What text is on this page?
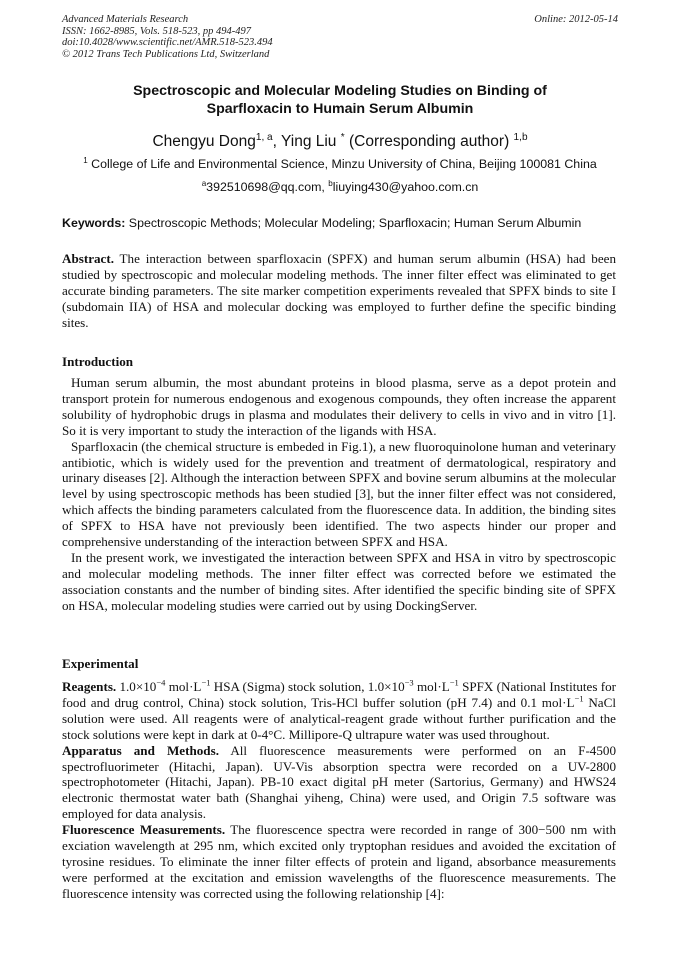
Advanced Materials Research
ISSN: 1662-8985, Vols. 518-523, pp 494-497
doi:10.4028/www.scientific.net/AMR.518-523.494
© 2012 Trans Tech Publications Ltd, Switzerland
Online: 2012-05-14
Spectroscopic and Molecular Modeling Studies on Binding of
Sparfloxacin to Humain Serum Albumin
Chengyu Dong$^{1, a}$, Ying Liu * (Corresponding author) $^{1,b}$
$^1$ College of Life and Environmental Science, Minzu University of China, Beijing 100081 China
$^a$392510698@qq.com, $^b$liuying430@yahoo.com.cn
Keywords: Spectroscopic Methods; Molecular Modeling; Sparfloxacin; Human Serum Albumin

Abstract. The interaction between sparfloxacin (SPFX) and human serum albumin (HSA) had been studied by spectroscopic and molecular modeling methods. The inner filter effect was eliminated to get accurate binding parameters. The site marker competition experiments revealed that SPFX binds to site I (subdomain IIA) of HSA and molecular docking was employed to further define the specific binding sites.

Introduction

Human serum albumin, the most abundant proteins in blood plasma, serve as a depot protein and transport protein for numerous endogenous and exogenous compounds, they often increase the apparent solubility of hydrophobic drugs in plasma and modulates their delivery to cells in vivo and in vitro [1]. So it is very important to study the interaction of the ligands with HSA.

Sparfloxacin (the chemical structure is embeded in Fig.1), a new fluoroquinolone human and veterinary antibiotic, which is widely used for the prevention and treatment of dermatological, respiratory and urinary diseases [2]. Although the interaction between SPFX and bovine serum albumins at the molecular level by using spectroscopic methods has been studied [3], but the inner filter effect was not considered, which affects the binding parameters calculated from the fluorescence data. In addition, the binding sites of SPFX to HSA have not previously been identified. The two aspects hinder our proper and comprehensive understanding of the interaction between SPFX and HSA.

In the present work, we investigated the interaction between SPFX and HSA in vitro by spectroscopic and molecular modeling methods. The inner filter effect was corrected before we estimated the association constants and the number of binding sites. After identified the specific binding site of SPFX on HSA, molecular modeling studies were carried out by using DockingServer.

Experimental

Reagents. $1.0\times 10^{-4}$ $mol\cdot L^{-1}$ HSA (Sigma) stock solution, $1.0\times 10^{-3}$ $mol\cdot L^{-1}$ SPFX (National Institutes for food and drug control, China) stock solution, Tris-HCl buffer solution (pH 7.4) and 0.1 $mol\cdot L^{-1}$ NaCl solution were used. All reagents were of analytical-reagent grade without further purification and the stock solutions were kept in dark at 0-4°C. Millipore-Q ultrapure water was used throughout.

Apparatus and Methods. All fluorescence measurements were performed on an F-4500 spectrofluorimeter (Hitachi, Japan). UV-Vis absorption spectra were recorded on a UV-2800 spectrophotometer (Hitachi, Japan). PB-10 exact digital pH meter (Sartorius, Germany) and HWS24 electronic thermostat water bath (Shanghai yiheng, China) were used, and Origin 7.5 software was employed for data analysis.

Fluorescence Measurements. The fluorescence spectra were recorded in range of 300−500 nm with exciation wavelength at 295 nm, which excited only tryptophan residues and avoided the excitation of tyrosine residues. To eliminate the inner filter effects of protein and ligand, absorbance measurements were performed at the excitation and emission wavelengths of the fluorescence measurements. The fluorescence intensity was corrected using the following relationship [4]:
